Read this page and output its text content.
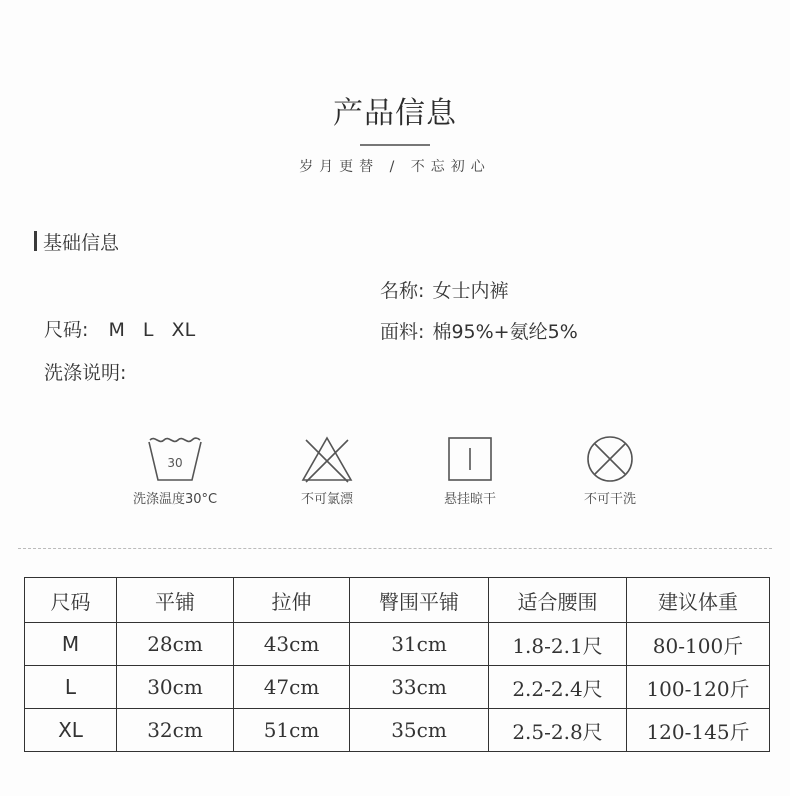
产品信息
岁月更替 / 不忘初心
基础信息
名称: 女士内裤
尺码: M L XL	面料: 棉95%+氨纶5%
洗涤说明:
30
洗涤温度30°C	不可氯漂	悬挂晾干	不可干洗
尺码	平铺	拉伸	臀围平铺	适合腰围	建议体重
M	28cm	43cm	31cm	1.8-2.1尺	80-100斤
L	30cm	47cm	33cm	2.2-2.4尺	100-120斤
XL	32cm	51cm	35cm	2.5-2.8尺	120-145斤
